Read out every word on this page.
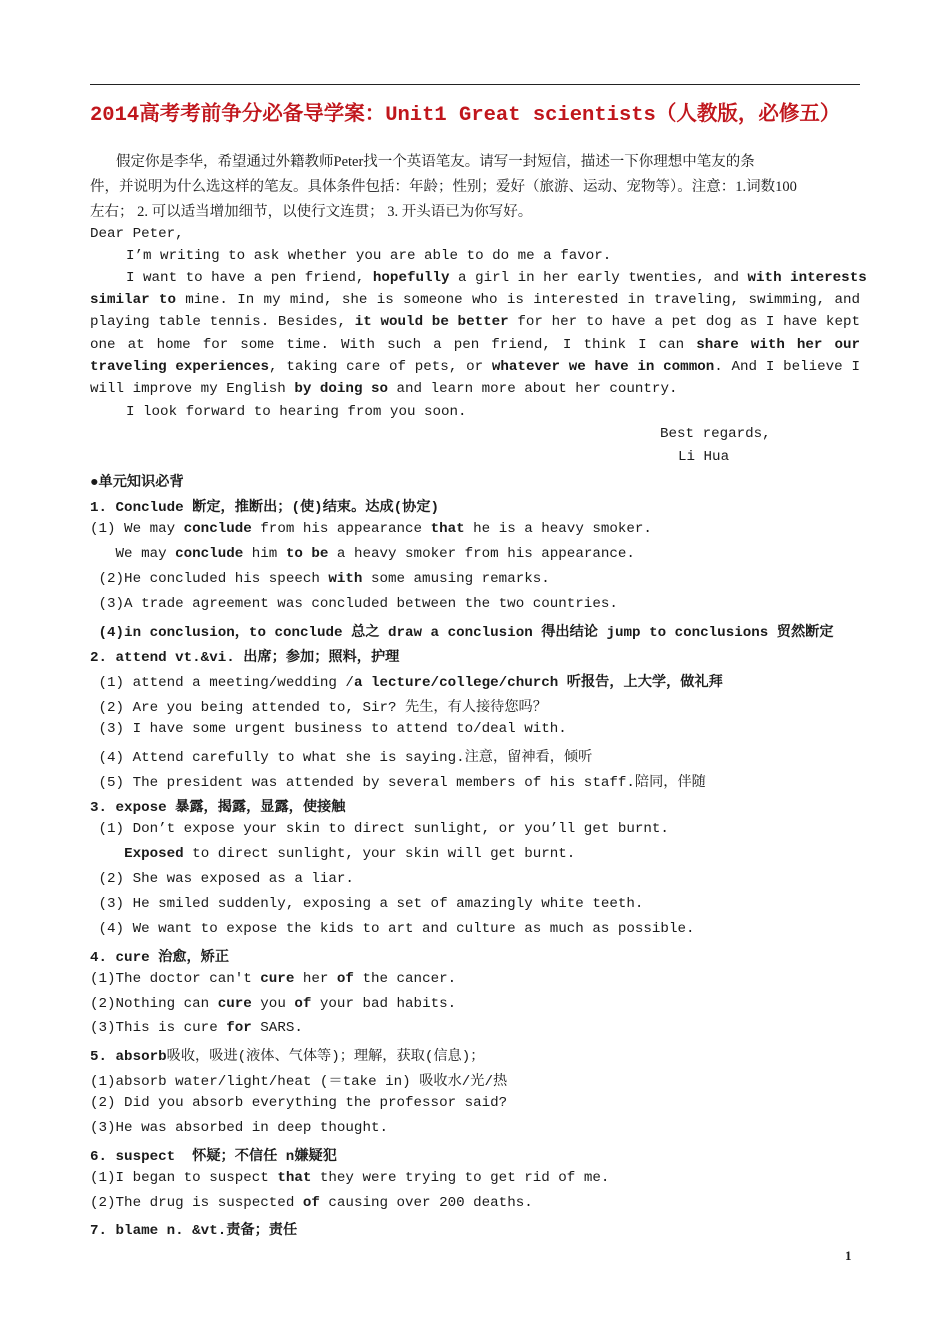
2014高考考前争分必备导学案：Unit1 Great scientists（人教版，必修五）
假定你是李华，希望通过外籍教师Peter找一个英语笔友。请写一封短信，描述一下你理想中笔友的条
件，并说明为什么选这样的笔友。具体条件包括：年龄；性别；爱好（旅游、运动、宠物等）。注意：1.词数100
左右； 2. 可以适当增加细节，以使行文连贯； 3. 开头语已为你写好。
Dear Peter,
I’m writing to ask whether you are able to do me a favor.
I want to have a pen friend, hopefully a girl in her early twenties, and with interests
similar to mine. In my mind, she is someone who is interested in traveling, swimming, and
playing table tennis. Besides, it would be better for her to have a pet dog as I have kept
one at home for some time. With such a pen friend, I think I can share with her our
traveling experiences, taking care of pets, or whatever we have in common. And I believe I
will improve my English by doing so and learn more about her country.
I look forward to hearing from you soon.
Best regards,
Li Hua
●单元知识必背
1. Conclude 断定，推断出；(使)结束。达成(协定)
(1) We may conclude from his appearance that he is a heavy smoker.
We may conclude him to be a heavy smoker from his appearance.
(2)He concluded his speech with some amusing remarks.
(3)A trade agreement was concluded between the two countries.
(4)in conclusion，to conclude 总之 draw a conclusion 得出结论 jump to conclusions 贸然断定
2. attend vt.&vi. 出席；参加；照料，护理
(1) attend a meeting/wedding /a lecture/college/church 听报告，上大学，做礼拜
(2) Are you being attended to, Sir? 先生，有人接待您吗？
(3) I have some urgent business to attend to/deal with.
(4) Attend carefully to what she is saying.注意，留神看，倾听
(5) The president was attended by several members of his staff.陪同，伴随
3. expose 暴露，揭露，显露，使接触
(1) Don’t expose your skin to direct sunlight, or you’ll get burnt.
Exposed to direct sunlight, your skin will get burnt.
(2) She was exposed as a liar.
(3) He smiled suddenly, exposing a set of amazingly white teeth.
(4) We want to expose the kids to art and culture as much as possible.
4. cure 治愈，矫正
(1)The doctor can't cure her of the cancer.
(2)Nothing can cure you of your bad habits.
(3)This is cure for SARS.
5. absorb吸收，吸进(液体、气体等)；理解，获取(信息)；
(1)absorb water/light/heat (＝take in) 吸收水/光/热
(2) Did you absorb everything the professor said?
(3)He was absorbed in deep thought.
6. suspect  怀疑；不信任 n嫌疑犯
(1)I began to suspect that they were trying to get rid of me.
(2)The drug is suspected of causing over 200 deaths.
7. blame n. &vt.责备；责任
1
